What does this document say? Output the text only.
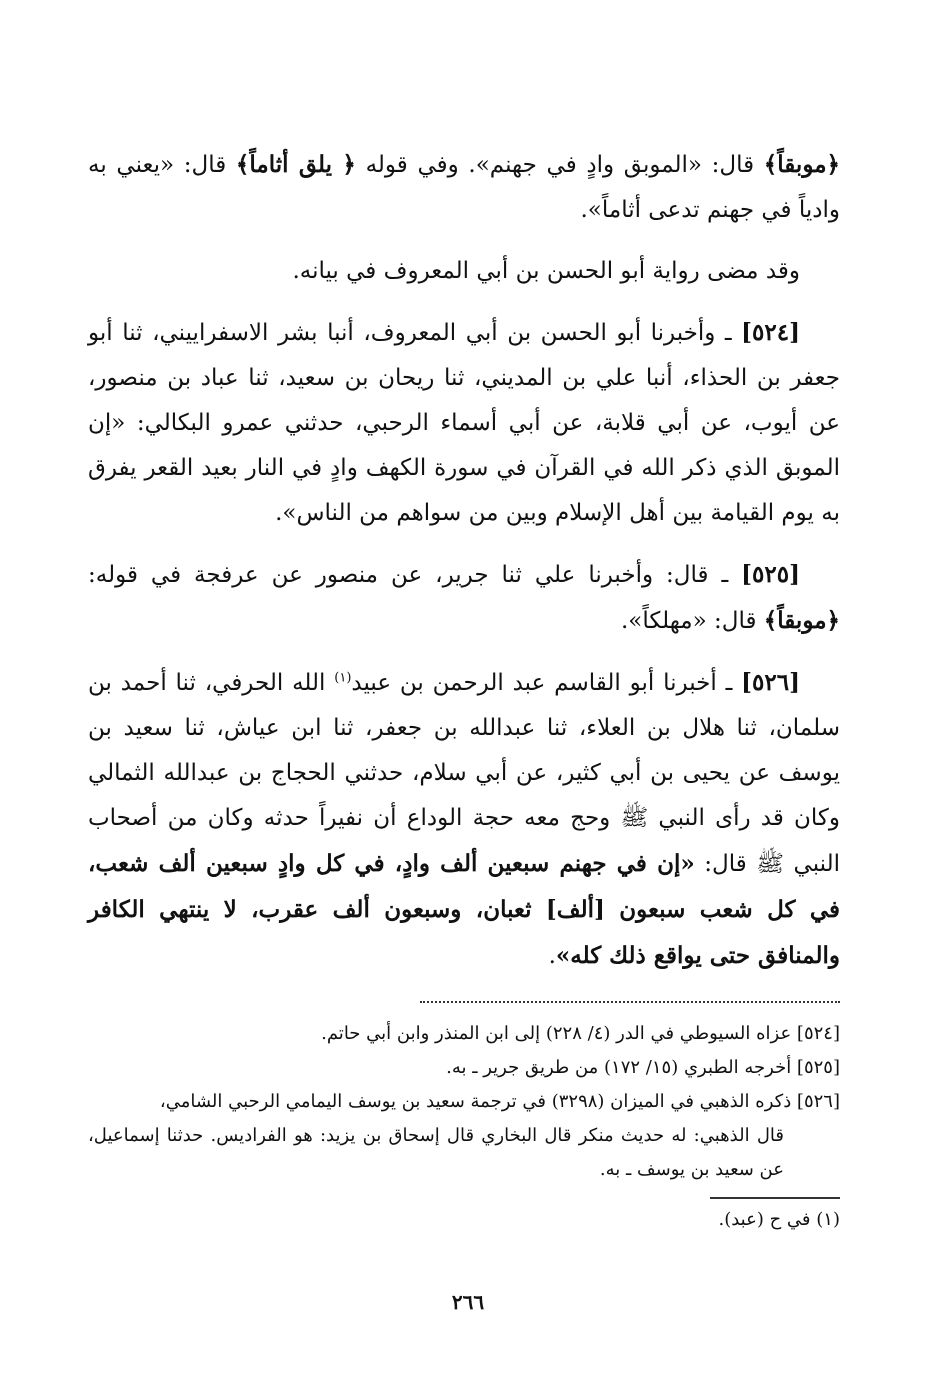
﴿موبقاً﴾ قال: «الموبق وادٍ في جهنم». وفي قوله ﴿ يلق أثاماً﴾ قال: «يعني به وادياً في جهنم تدعى أثاماً».

وقد مضى رواية أبو الحسن بن أبي المعروف في بيانه.

[٥٢٤] ـ وأخبرنا أبو الحسن بن أبي المعروف، أنبا بشر الاسفراييني، ثنا أبو جعفر بن الحذاء، أنبا علي بن المديني، ثنا ريحان بن سعيد، ثنا عباد بن منصور، عن أيوب، عن أبي قلابة، عن أبي أسماء الرحبي، حدثني عمرو البكالي: «إن الموبق الذي ذكر الله في القرآن في سورة الكهف وادٍ في النار بعيد القعر يفرق به يوم القيامة بين أهل الإسلام وبين من سواهم من الناس».

[٥٢٥] ـ قال: وأخبرنا علي ثنا جرير، عن منصور عن عرفجة في قوله: ﴿موبقاً﴾ قال: «مهلكاً».

[٥٢٦] ـ أخبرنا أبو القاسم عبد الرحمن بن عبيد$^{(١)}$ الله الحرفي، ثنا أحمد بن سلمان، ثنا هلال بن العلاء، ثنا عبدالله بن جعفر، ثنا ابن عياش، ثنا سعيد بن يوسف عن يحيى بن أبي كثير، عن أبي سلام، حدثني الحجاج بن عبدالله الثمالي وكان قد رأى النبي ﷺ وحج معه حجة الوداع أن نفيراً حدثه وكان من أصحاب النبي ﷺ قال: «إن في جهنم سبعين ألف وادٍ، في كل وادٍ سبعين ألف شعب، في كل شعب سبعون [ألف] ثعبان، وسبعون ألف عقرب، لا ينتهي الكافر والمنافق حتى يواقع ذلك كله».

[٥٢٤] عزاه السيوطي في الدر (٤/ ٢٢٨) إلى ابن المنذر وابن أبي حاتم.

[٥٢٥] أخرجه الطبري (١٥/ ١٧٢) من طريق جرير ـ به.

[٥٢٦] ذكره الذهبي في الميزان (٣٢٩٨) في ترجمة سعيد بن يوسف اليمامي الرحبي الشامي،

قال الذهبي: له حديث منكر قال البخاري قال إسحاق بن يزيد: هو الفراديس. حدثنا إسماعيل، عن سعيد بن يوسف ـ به.

(١) في ح (عبد).

٢٦٦
